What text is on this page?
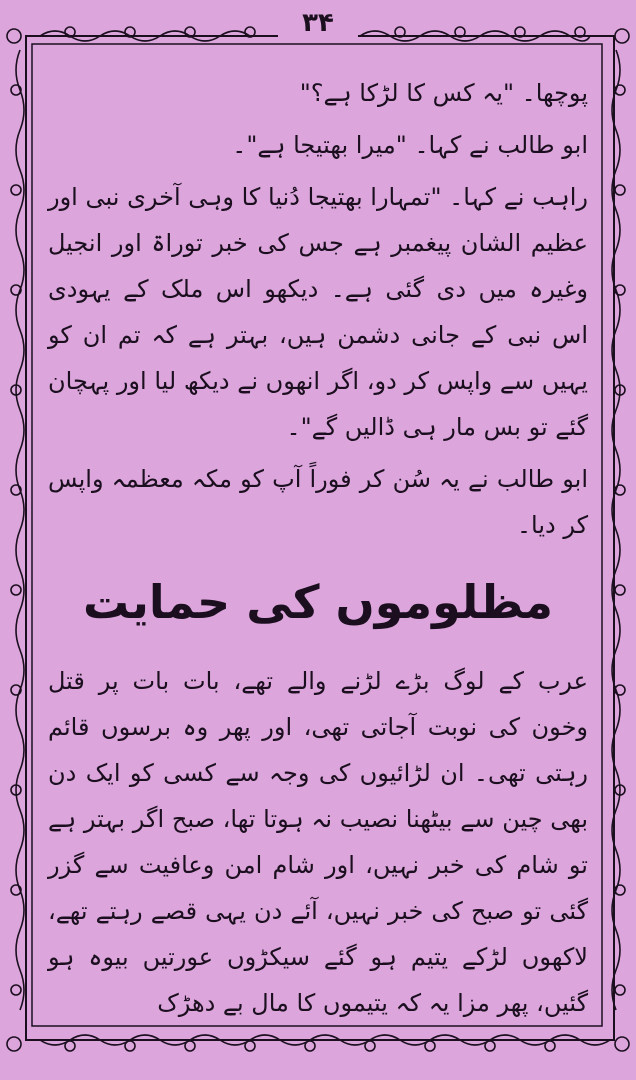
۳۴

پوچھا۔ "یہ کس کا لڑکا ہے؟"

ابو طالب نے کہا۔ "میرا بھتیجا ہے"۔

راہب نے کہا۔ "تمہارا بھتیجا دُنیا کا وہی آخری نبی اور عظیم الشان پیغمبر ہے جس کی خبر توراۃ اور انجیل وغیرہ میں دی گئی ہے۔ دیکھو اس ملک کے یہودی اس نبی کے جانی دشمن ہیں، بہتر ہے کہ تم ان کو یہیں سے واپس کر دو، اگر انھوں نے دیکھ لیا اور پہچان گئے تو بس مار ہی ڈالیں گے"۔

ابو طالب نے یہ سُن کر فوراً آپ کو مکہ معظمہ واپس کر دیا۔

مظلوموں کی حمایت

عرب کے لوگ بڑے لڑنے والے تھے، بات بات پر قتل وخون کی نوبت آجاتی تھی، اور پھر وہ برسوں قائم رہتی تھی۔ ان لڑائیوں کی وجہ سے کسی کو ایک دن بھی چین سے بیٹھنا نصیب نہ ہوتا تھا، صبح اگر بہتر ہے تو شام کی خبر نہیں، اور شام امن وعافیت سے گزر گئی تو صبح کی خبر نہیں، آئے دن یہی قصے رہتے تھے، لاکھوں لڑکے یتیم ہو گئے سیکڑوں عورتیں بیوہ ہو گئیں، پھر مزا یہ کہ یتیموں کا مال بے دھڑک
